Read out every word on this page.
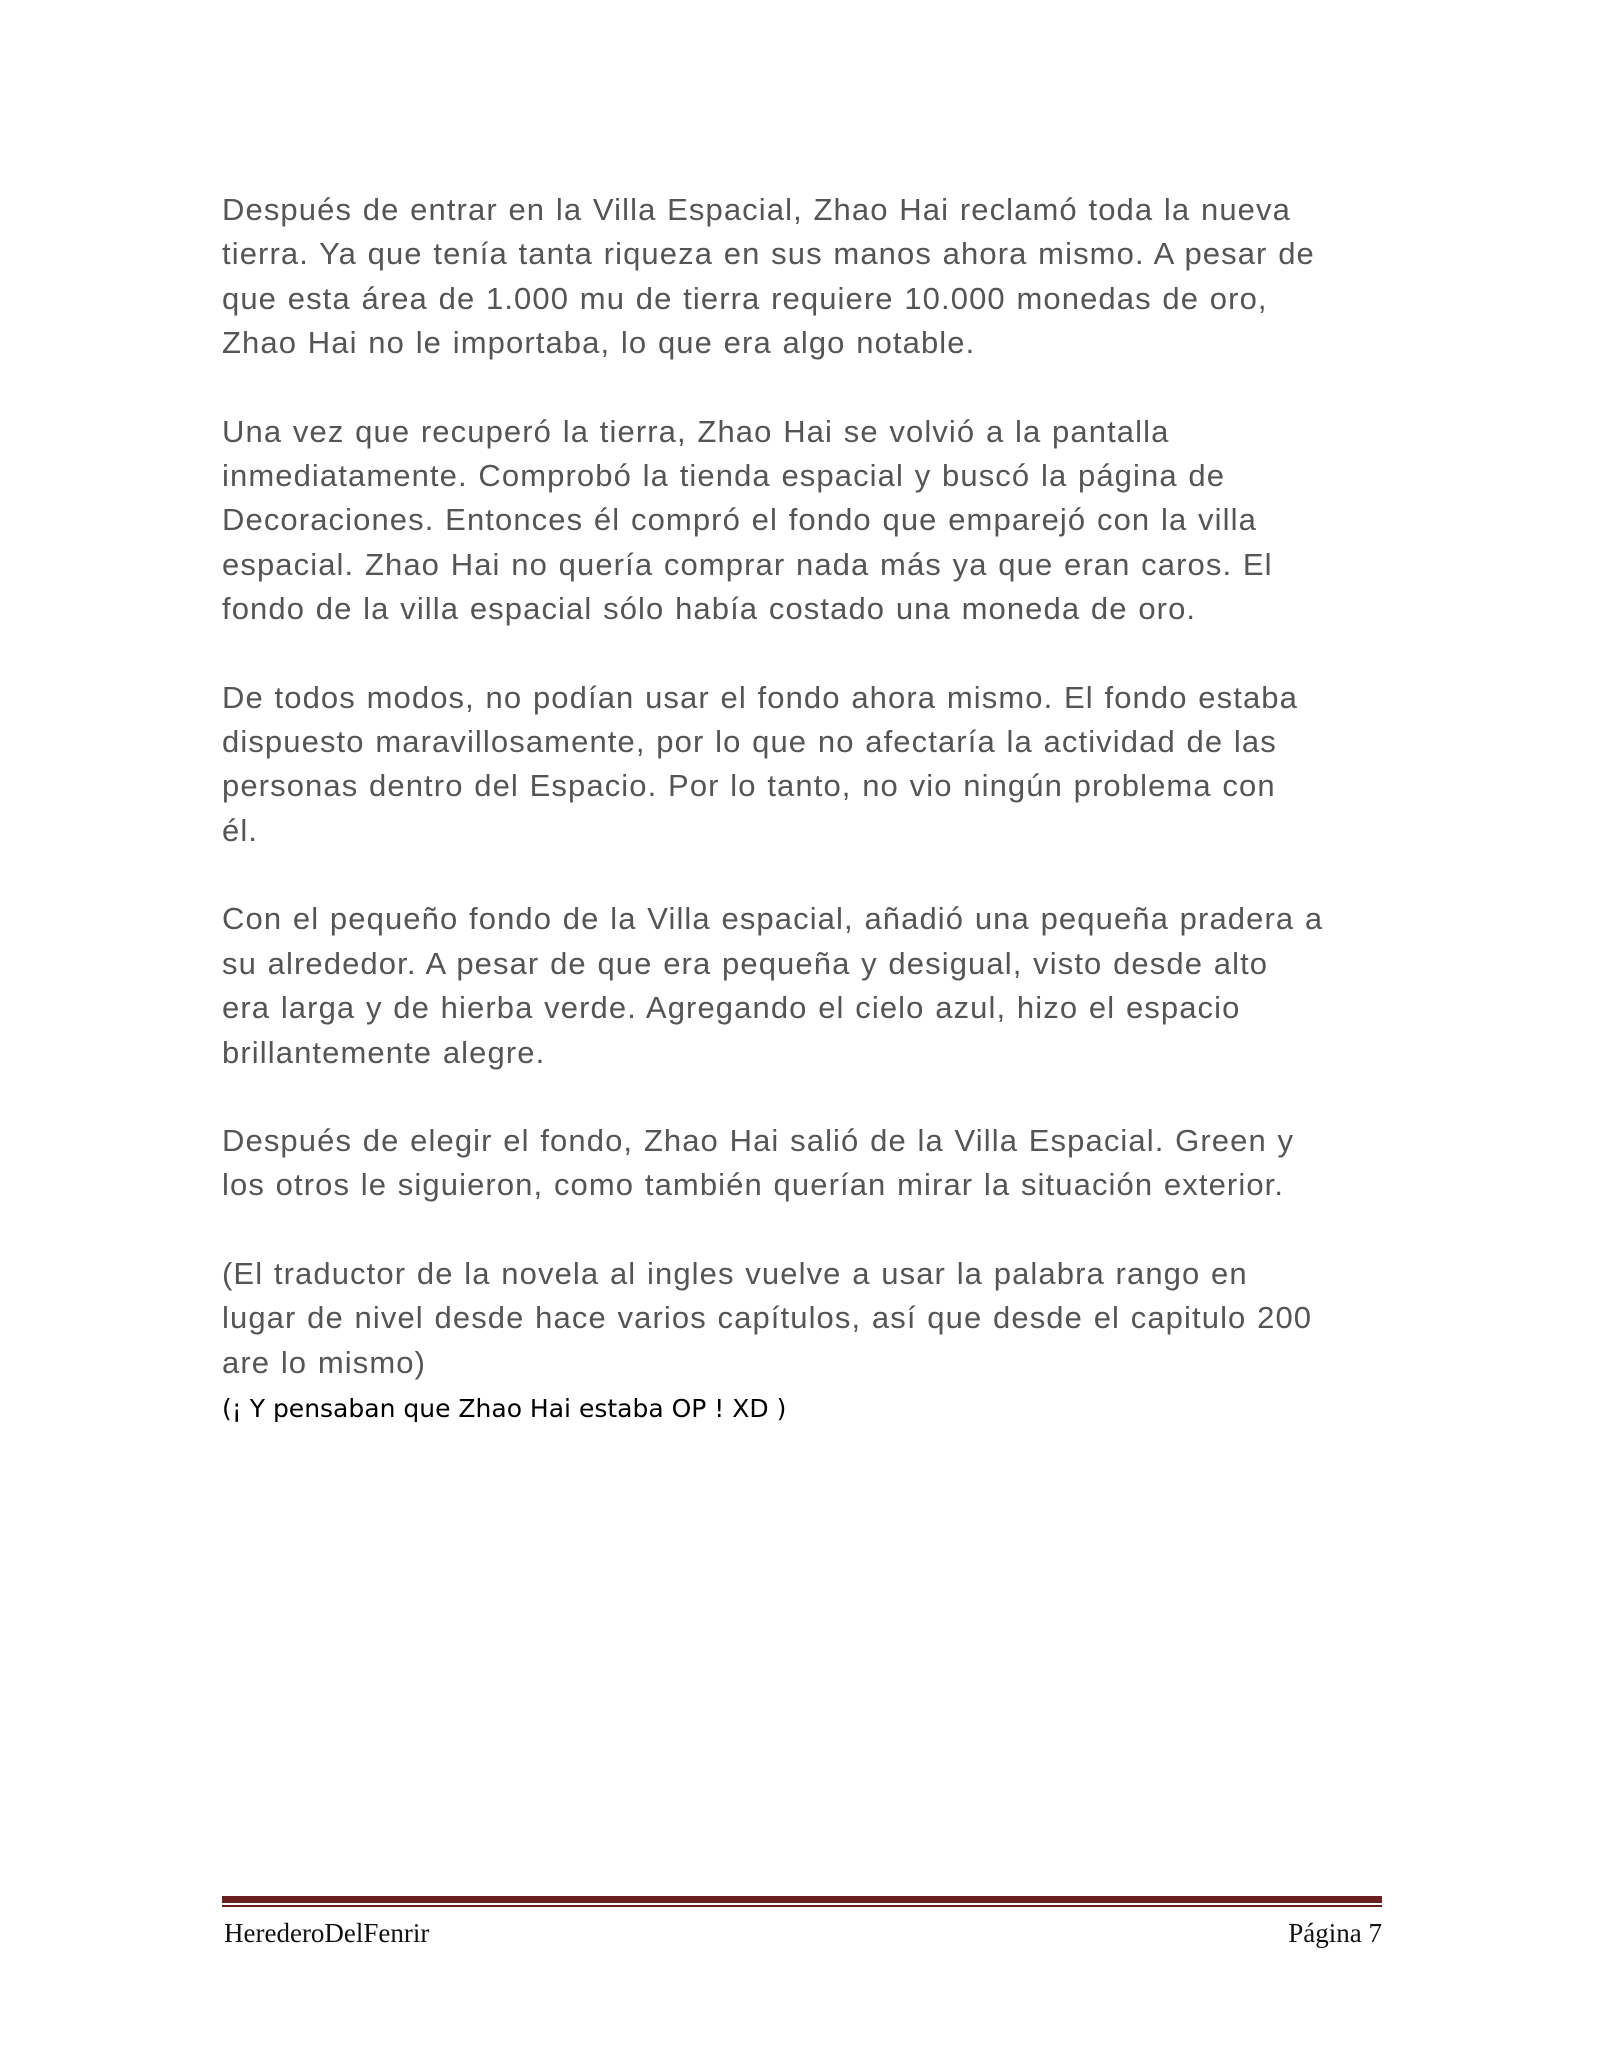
Después de entrar en la Villa Espacial, Zhao Hai reclamó toda la nueva
tierra. Ya que tenía tanta riqueza en sus manos ahora mismo. A pesar de
que esta área de 1.000 mu de tierra requiere 10.000 monedas de oro,
Zhao Hai no le importaba, lo que era algo notable.

Una vez que recuperó la tierra, Zhao Hai se volvió a la pantalla
inmediatamente. Comprobó la tienda espacial y buscó la página de
Decoraciones. Entonces él compró el fondo que emparejó con la villa
espacial. Zhao Hai no quería comprar nada más ya que eran caros. El
fondo de la villa espacial sólo había costado una moneda de oro.

De todos modos, no podían usar el fondo ahora mismo. El fondo estaba
dispuesto maravillosamente, por lo que no afectaría la actividad de las
personas dentro del Espacio. Por lo tanto, no vio ningún problema con
él.

Con el pequeño fondo de la Villa espacial, añadió una pequeña pradera a
su alrededor. A pesar de que era pequeña y desigual, visto desde alto
era larga y de hierba verde. Agregando el cielo azul, hizo el espacio
brillantemente alegre.

Después de elegir el fondo, Zhao Hai salió de la Villa Espacial. Green y
los otros le siguieron, como también querían mirar la situación exterior.

(El traductor de la novela al ingles vuelve a usar la palabra rango en
lugar de nivel desde hace varios capítulos, así que desde el capitulo 200
are lo mismo)

(¡ Y pensaban que Zhao Hai estaba OP ! XD )

HerederoDelFenrir	Página 7
